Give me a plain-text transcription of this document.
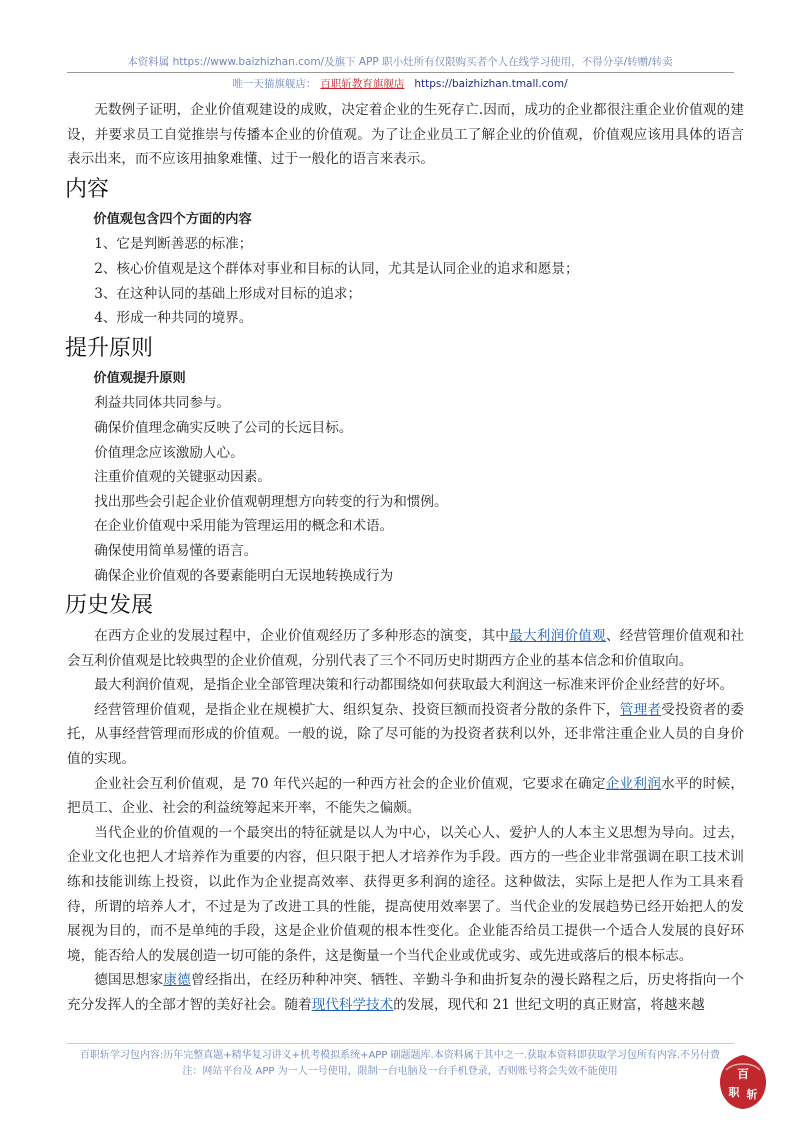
本资料属 https://www.baizhizhan.com/及旗下 APP 职小灶所有仅限购买者个人在线学习使用，不得分享/转赠/转卖
唯一天猫旗舰店： 百职斩教育旗舰店 https://baizhizhan.tmall.com/

无数例子证明，企业价值观建设的成败，决定着企业的生死存亡.因而，成功的企业都很注重企业价值观的建设，并要求员工自觉推崇与传播本企业的价值观。为了让企业员工了解企业的价值观，价值观应该用具体的语言表示出来，而不应该用抽象难懂、过于一般化的语言来表示。

内容

价值观包含四个方面的内容

1、它是判断善恶的标准；

2、核心价值观是这个群体对事业和目标的认同，尤其是认同企业的追求和愿景；

3、在这种认同的基础上形成对目标的追求；

4、形成一种共同的境界。

提升原则

价值观提升原则

利益共同体共同参与。

确保价值理念确实反映了公司的长远目标。

价值理念应该激励人心。

注重价值观的关键驱动因素。

找出那些会引起企业价值观朝理想方向转变的行为和惯例。

在企业价值观中采用能为管理运用的概念和术语。

确保使用简单易懂的语言。

确保企业价值观的各要素能明白无误地转换成行为

历史发展

在西方企业的发展过程中，企业价值观经历了多种形态的演变，其中最大利润价值观、经营管理价值观和社会互利价值观是比较典型的企业价值观，分别代表了三个不同历史时期西方企业的基本信念和价值取向。

最大利润价值观，是指企业全部管理决策和行动都围绕如何获取最大利润这一标准来评价企业经营的好坏。

经营管理价值观，是指企业在规模扩大、组织复杂、投资巨额而投资者分散的条件下，管理者受投资者的委托，从事经营管理而形成的价值观。一般的说，除了尽可能的为投资者获利以外，还非常注重企业人员的自身价值的实现。

企业社会互利价值观，是 70 年代兴起的一种西方社会的企业价值观，它要求在确定企业利润水平的时候，把员工、企业、社会的利益统筹起来开率，不能失之偏颇。

当代企业的价值观的一个最突出的特征就是以人为中心，以关心人、爱护人的人本主义思想为导向。过去，企业文化也把人才培养作为重要的内容，但只限于把人才培养作为手段。西方的一些企业非常强调在职工技术训练和技能训练上投资，以此作为企业提高效率、获得更多利润的途径。这种做法，实际上是把人作为工具来看待，所谓的培养人才，不过是为了改进工具的性能，提高使用效率罢了。当代企业的发展趋势已经开始把人的发展视为目的，而不是单纯的手段，这是企业价值观的根本性变化。企业能否给员工提供一个适合人发展的良好环境，能否给人的发展创造一切可能的条件，这是衡量一个当代企业或优或劣、或先进或落后的根本标志。

德国思想家康德曾经指出，在经历种种冲突、牺牲、辛勤斗争和曲折复杂的漫长路程之后，历史将指向一个充分发挥人的全部才智的美好社会。随着现代科学技术的发展，现代和 21 世纪文明的真正财富，将越来越

百职斩学习包内容:历年完整真题+精华复习讲义+机考模拟系统+APP 刷题题库.本资料属于其中之一.获取本资料即获取学习包所有内容.不另付费
注：网站平台及 APP 为一人一号使用，限制一台电脑及一台手机登录，否则账号将会失效不能使用	百
职 斩
